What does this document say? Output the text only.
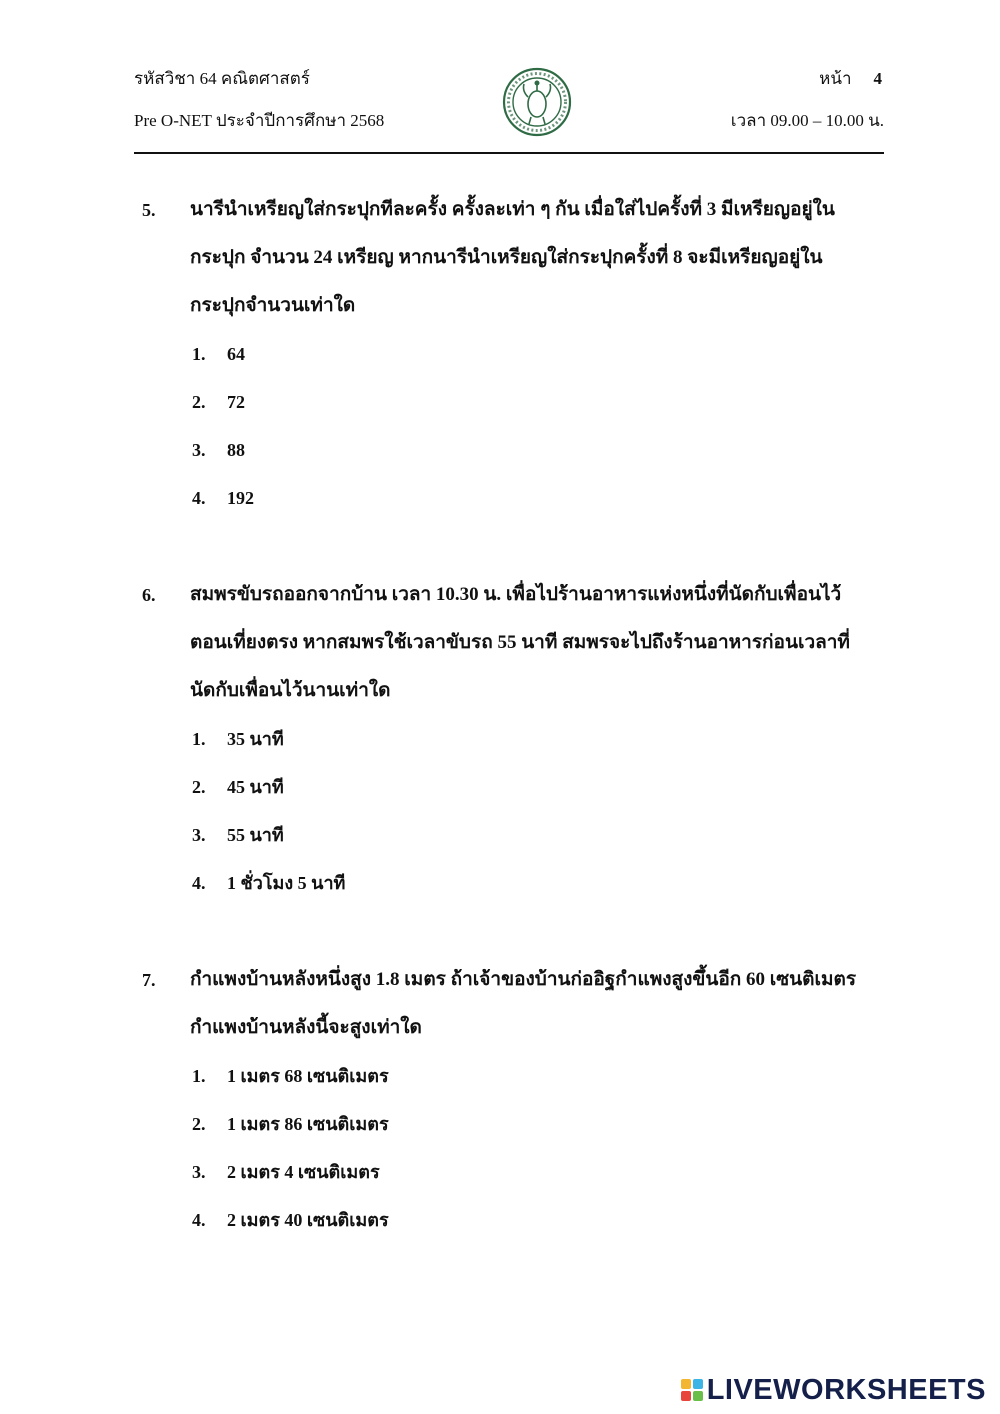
รหัสวิชา 64 คณิตศาสตร์
Pre O-NET ประจำปีการศึกษา 2568
หน้า 4
เวลา 09.00 – 10.00 น.
5. นารีนำเหรียญใส่กระปุกทีละครั้ง ครั้งละเท่า ๆ กัน เมื่อใส่ไปครั้งที่ 3 มีเหรียญอยู่ใน
กระปุก จำนวน 24 เหรียญ หากนารีนำเหรียญใส่กระปุกครั้งที่ 8 จะมีเหรียญอยู่ใน
กระปุกจำนวนเท่าใด
1. 64
2. 72
3. 88
4. 192
6. สมพรขับรถออกจากบ้าน เวลา 10.30 น. เพื่อไปร้านอาหารแห่งหนึ่งที่นัดกับเพื่อนไว้
ตอนเที่ยงตรง หากสมพรใช้เวลาขับรถ 55 นาที สมพรจะไปถึงร้านอาหารก่อนเวลาที่
นัดกับเพื่อนไว้นานเท่าใด
1. 35 นาที
2. 45 นาที
3. 55 นาที
4. 1 ชั่วโมง 5 นาที
7. กำแพงบ้านหลังหนึ่งสูง 1.8 เมตร ถ้าเจ้าของบ้านก่ออิฐกำแพงสูงขึ้นอีก 60 เซนติเมตร
กำแพงบ้านหลังนี้จะสูงเท่าใด
1. 1 เมตร 68 เซนติเมตร
2. 1 เมตร 86 เซนติเมตร
3. 2 เมตร 4 เซนติเมตร
4. 2 เมตร 40 เซนติเมตร
LIVEWORKSHEETS
